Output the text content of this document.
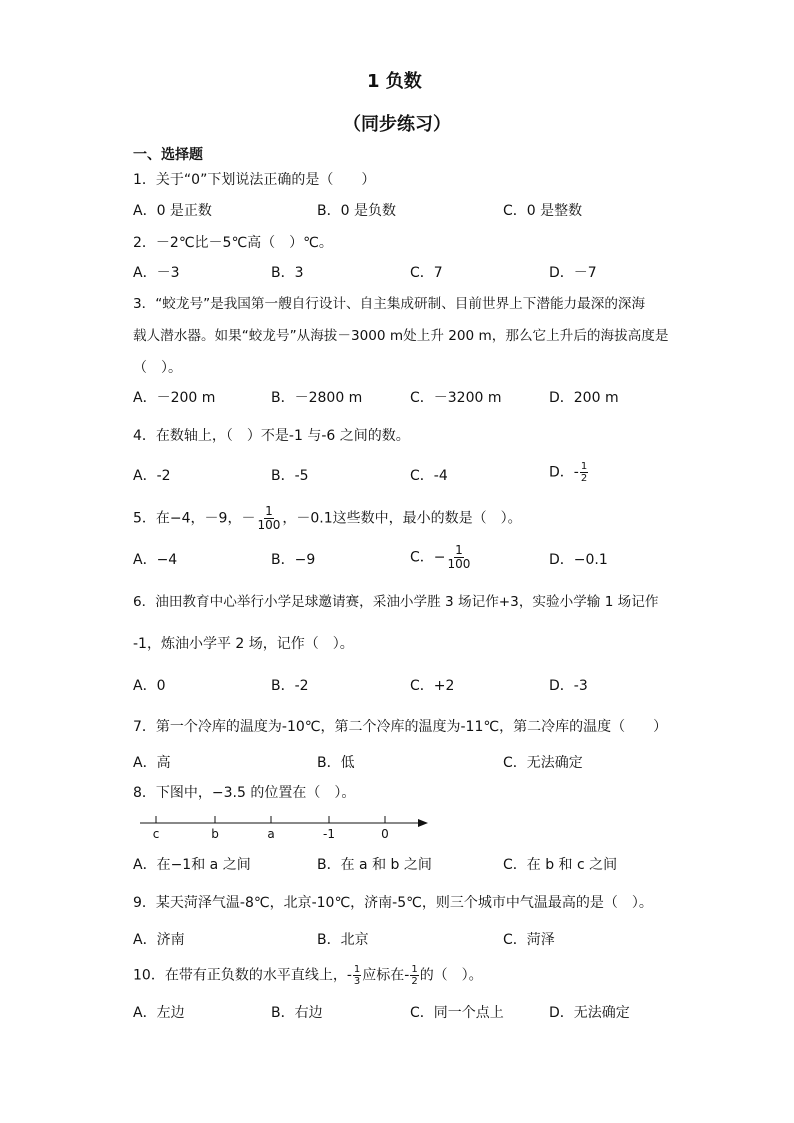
1 负数
（同步练习）
一、选择题
1．关于“0”下划说法正确的是（　　）
A．0 是正数	B．0 是负数	C．0 是整数
2．－2℃比－5℃高（　）℃。
A．－3	B．3	C．7	D．－7
3．“蛟龙号”是我国第一艘自行设计、自主集成研制、目前世界上下潜能力最深的深海
载人潜水器。如果“蛟龙号”从海拔－3000 m处上升 200 m，那么它上升后的海拔高度是
（　）。
A．－200 m	B．－2800 m	C．－3200 m	D．200 m
4．在数轴上，（　）不是-1 与-6 之间的数。
A．-2	B．-5	C．-4	D．- $\frac{1}{2}$
5．在−4，－9，－ $\frac{1}{100}$ ，－0.1这些数中，最小的数是（　）。
A．−4	B．−9	C．− $\frac{1}{100}$	D．−0.1
6．油田教育中心举行小学足球邀请赛，采油小学胜 3 场记作+3，实验小学输 1 场记作
-1，炼油小学平 2 场，记作（　）。
A．0	B．-2	C．+2	D．-3
7．第一个冷库的温度为-10℃，第二个冷库的温度为-11℃，第二冷库的温度（　　）
A．高	B．低	C．无法确定
8．下图中，−3.5 的位置在（　）。
c	b	a	-1	0
A．在−1和 a 之间	B．在 a 和 b 之间	C．在 b 和 c 之间
9．某天菏泽气温-8℃，北京-10℃，济南-5℃，则三个城市中气温最高的是（　）。
A．济南	B．北京	C．菏泽
10．在带有正负数的水平直线上，- $\frac{1}{3}$ 应标在- $\frac{1}{2}$ 的（　）。
A．左边	B．右边	C．同一个点上	D．无法确定
